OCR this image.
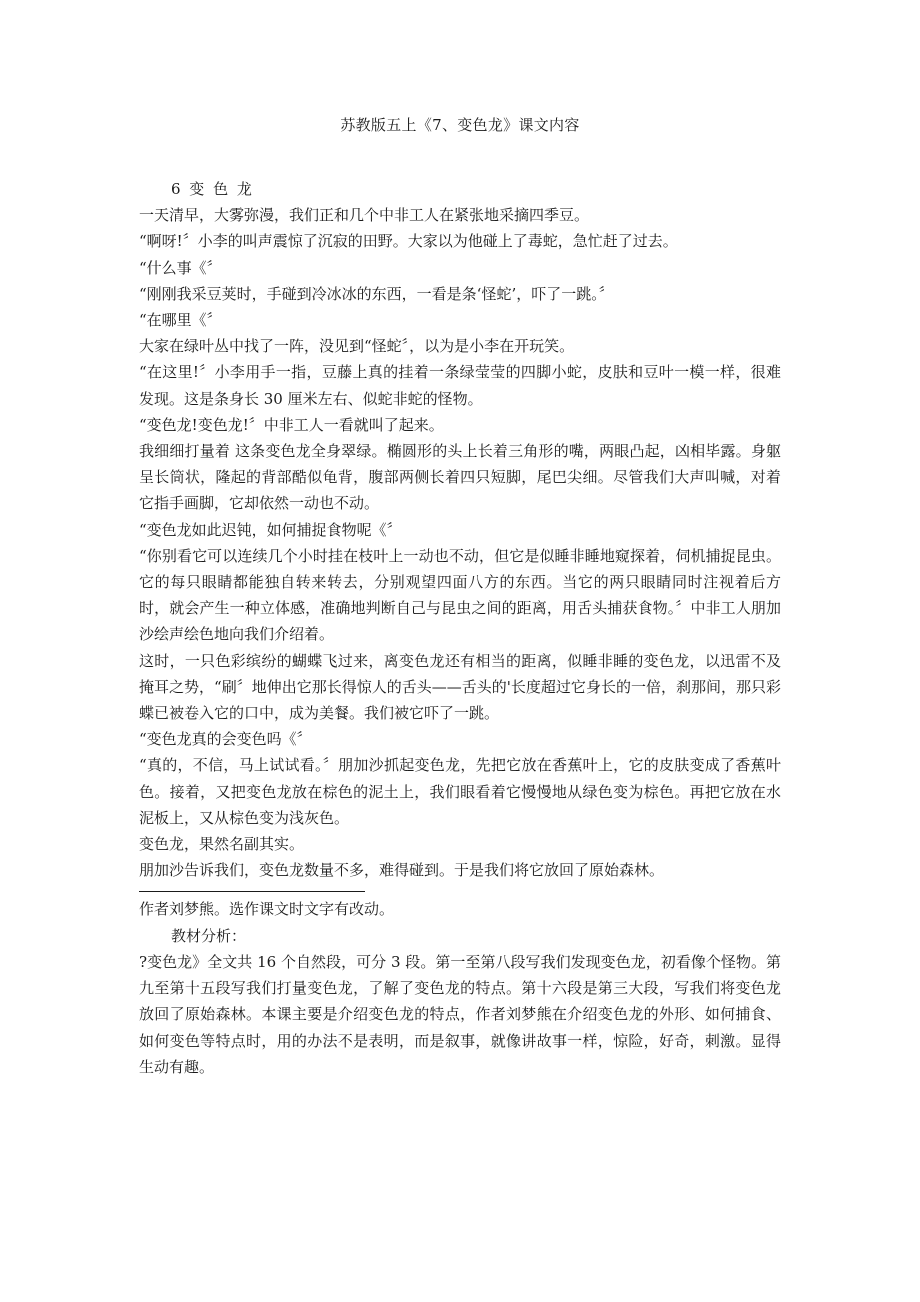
苏教版五上《7、变色龙》课文内容

6 变 色 龙

一天清早，大雾弥漫，我们正和几个中非工人在紧张地采摘四季豆。

“啊呀!〞小李的叫声震惊了沉寂的田野。大家以为他碰上了毒蛇，急忙赶了过去。

“什么事《〞

“刚刚我采豆荚时，手碰到冷冰冰的东西，一看是条‘怪蛇’，吓了一跳。〞

“在哪里《〞

大家在绿叶丛中找了一阵，没见到“怪蛇〞，以为是小李在开玩笑。

“在这里!〞小李用手一指，豆藤上真的挂着一条绿莹莹的四脚小蛇，皮肤和豆叶一模一样，很难发现。这是条身长 30 厘米左右、似蛇非蛇的怪物。

“变色龙!变色龙!〞中非工人一看就叫了起来。

我细细打量着 这条变色龙全身翠绿。椭圆形的头上长着三角形的嘴，两眼凸起，凶相毕露。身躯呈长筒状，隆起的背部酷似龟背，腹部两侧长着四只短脚，尾巴尖细。尽管我们大声叫喊，对着它指手画脚，它却依然一动也不动。

“变色龙如此迟钝，如何捕捉食物呢《〞

“你别看它可以连续几个小时挂在枝叶上一动也不动，但它是似睡非睡地窥探着，伺机捕捉昆虫。它的每只眼睛都能独自转来转去，分别观望四面八方的东西。当它的两只眼睛同时注视着后方时，就会产生一种立体感，准确地判断自己与昆虫之间的距离，用舌头捕获食物。〞中非工人朋加沙绘声绘色地向我们介绍着。

这时，一只色彩缤纷的蝴蝶飞过来，离变色龙还有相当的距离，似睡非睡的变色龙，以迅雷不及掩耳之势，“刷〞地伸出它那长得惊人的舌头——舌头的'长度超过它身长的一倍，刹那间，那只彩蝶已被卷入它的口中，成为美餐。我们被它吓了一跳。

“变色龙真的会变色吗《〞

“真的，不信，马上试试看。〞朋加沙抓起变色龙，先把它放在香蕉叶上，它的皮肤变成了香蕉叶色。接着，又把变色龙放在棕色的泥土上，我们眼看着它慢慢地从绿色变为棕色。再把它放在水泥板上，又从棕色变为浅灰色。

变色龙，果然名副其实。

朋加沙告诉我们，变色龙数量不多，难得碰到。于是我们将它放回了原始森林。

作者刘梦熊。选作课文时文字有改动。

教材分析：

?变色龙》全文共 16 个自然段，可分 3 段。第一至第八段写我们发现变色龙，初看像个怪物。第九至第十五段写我们打量变色龙，了解了变色龙的特点。第十六段是第三大段，写我们将变色龙放回了原始森林。本课主要是介绍变色龙的特点，作者刘梦熊在介绍变色龙的外形、如何捕食、如何变色等特点时，用的办法不是表明，而是叙事，就像讲故事一样，惊险，好奇，刺激。显得生动有趣。
